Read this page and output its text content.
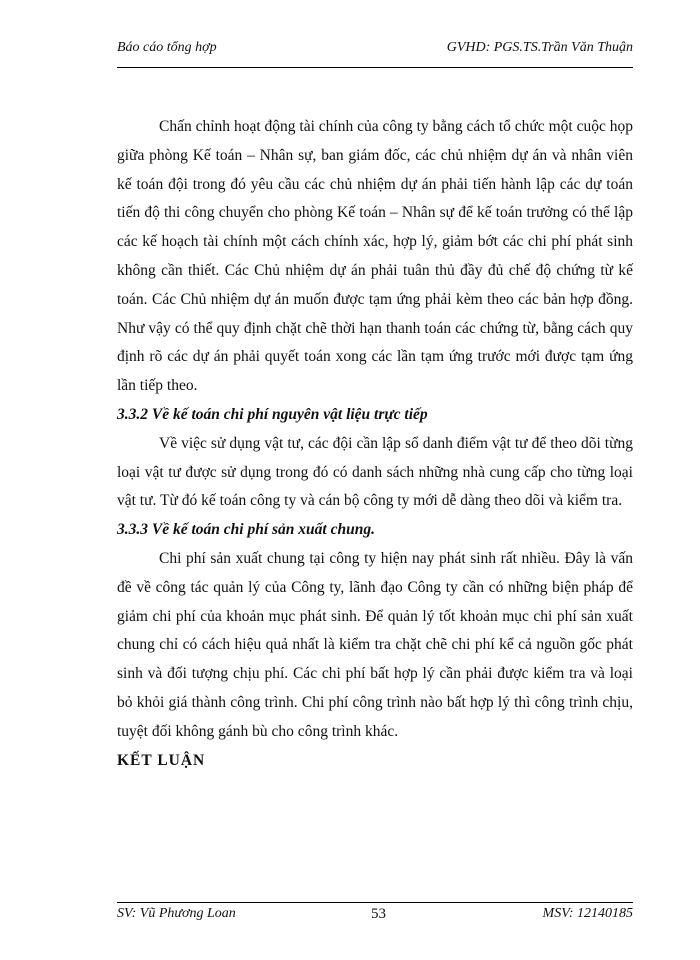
Báo cáo tổng hợp	GVHD: PGS.TS.Trần Văn Thuận

Chấn chỉnh hoạt động tài chính của công ty bằng cách tổ chức một cuộc họp giữa phòng Kế toán – Nhân sự, ban giám đốc, các chủ nhiệm dự án và nhân viên kế toán đội trong đó yêu cầu các chủ nhiệm dự án phải tiến hành lập các dự toán tiến độ thi công chuyển cho phòng Kế toán – Nhân sự để kế toán trưởng có thể lập các kế hoạch tài chính một cách chính xác, hợp lý, giảm bớt các chi phí phát sinh không cần thiết. Các Chủ nhiệm dự án phải tuân thủ đầy đủ chế độ chứng từ kế toán. Các Chủ nhiệm dự án muốn được tạm ứng phải kèm theo các bản hợp đồng. Như vậy có thể quy định chặt chẽ thời hạn thanh toán các chứng từ, bằng cách quy định rõ các dự án phải quyết toán xong các lần tạm ứng trước mới được tạm ứng lần tiếp theo.

3.3.2 Về kế toán chi phí nguyên vật liệu trực tiếp

Về việc sử dụng vật tư, các đội cần lập sổ danh điểm vật tư để theo dõi từng loại vật tư được sử dụng trong đó có danh sách những nhà cung cấp cho từng loại vật tư. Từ đó kế toán công ty và cán bộ công ty mới dễ dàng theo dõi và kiểm tra.

3.3.3 Về kế toán chi phí sản xuất chung.

Chi phí sản xuất chung tại công ty hiện nay phát sinh rất nhiều. Đây là vấn đề về công tác quản lý của Công ty, lãnh đạo Công ty cần có những biện pháp để giảm chi phí của khoản mục phát sinh. Để quản lý tốt khoản mục chi phí sản xuất chung chỉ có cách hiệu quả nhất là kiểm tra chặt chẽ chi phí kể cả nguồn gốc phát sinh và đối tượng chịu phí. Các chi phí bất hợp lý cần phải được kiểm tra và loại bỏ khỏi giá thành công trình. Chi phí công trình nào bất hợp lý thì công trình chịu, tuyệt đối không gánh bù cho công trình khác.

KẾT LUẬN

SV: Vũ Phương Loan	53	MSV: 12140185
